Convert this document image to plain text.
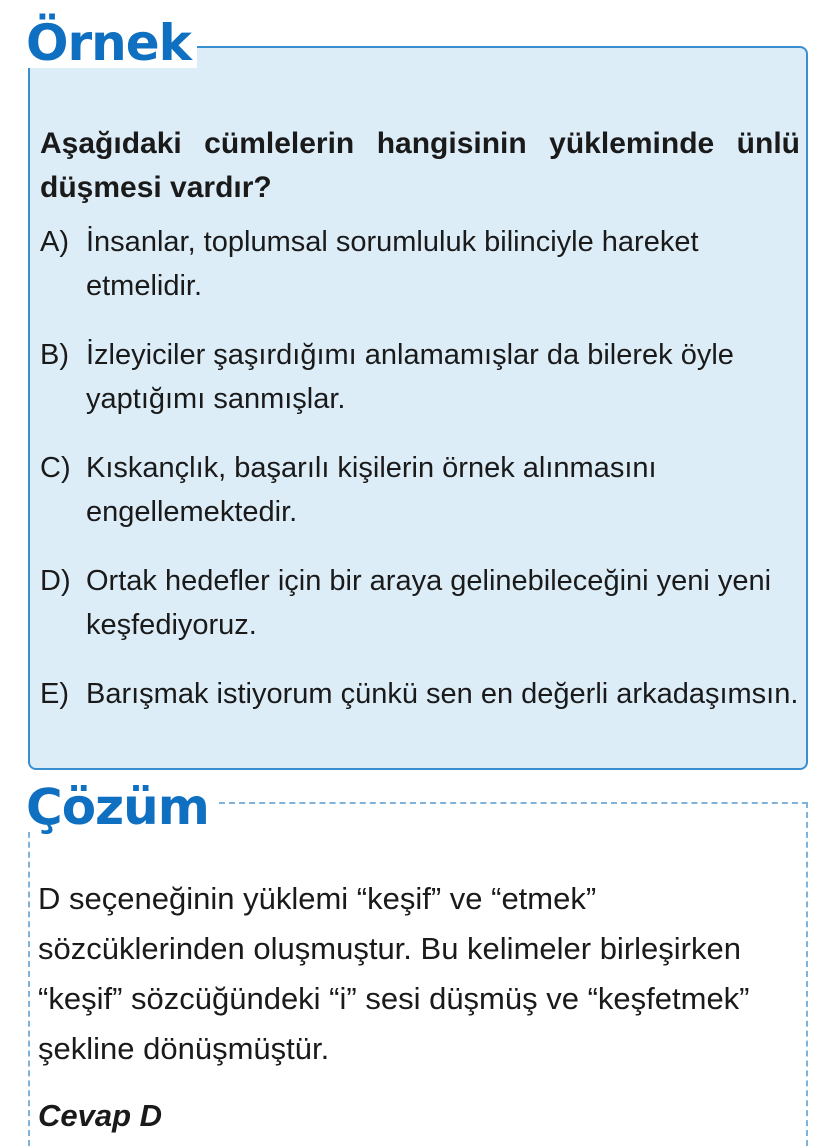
Örnek
Aşağıdaki cümlelerin hangisinin yükleminde ünlü düşmesi vardır?
A) İnsanlar, toplumsal sorumluluk bilinciyle hareket etmelidir.
B) İzleyiciler şaşırdığımı anlamamışlar da bilerek öyle yaptığımı sanmışlar.
C) Kıskançlık, başarılı kişilerin örnek alınmasını engellemektedir.
D) Ortak hedefler için bir araya gelinebileceğini yeni yeni keşfediyoruz.
E) Barışmak istiyorum çünkü sen en değerli arkadaşımsın.
Çözüm
D seçeneğinin yüklemi “keşif” ve “etmek” sözcüklerinden oluşmuştur. Bu kelimeler birleşirken “keşif” sözcüğündeki “i” sesi düşmüş ve “keşfetmek” şekline dönüşmüştür.
Cevap D
